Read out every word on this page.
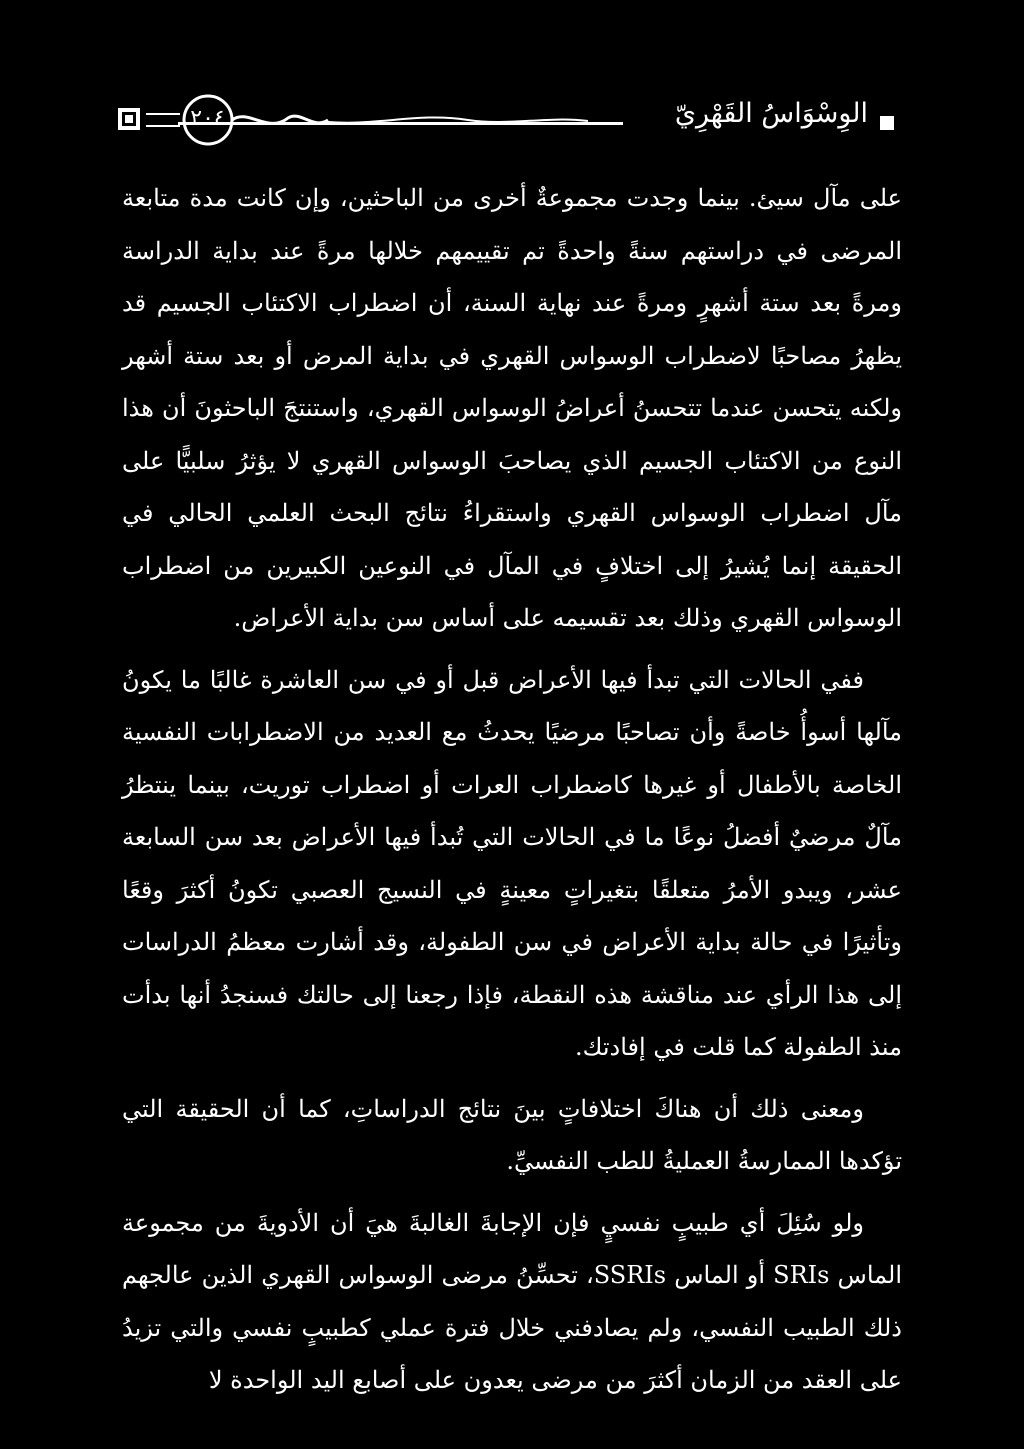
٢٠٤	الوِسْوَاسُ القَهْرِيّ

على مآل سيئ. بينما وجدت مجموعةٌ أخرى من الباحثين، وإن كانت مدة متابعة المرضى في دراستهم سنةً واحدةً تم تقييمهم خلالها مرةً عند بداية الدراسة ومرةً بعد ستة أشهرٍ ومرةً عند نهاية السنة، أن اضطراب الاكتئاب الجسيم قد يظهرُ مصاحبًا لاضطراب الوسواس القهري في بداية المرض أو بعد ستة أشهر ولكنه يتحسن عندما تتحسنُ أعراضُ الوسواس القهري، واستنتجَ الباحثونَ أن هذا النوع من الاكتئاب الجسيم الذي يصاحبَ الوسواس القهري لا يؤثرُ سلبيًّا على مآل اضطراب الوسواس القهري واستقراءُ نتائج البحث العلمي الحالي في الحقيقة إنما يُشيرُ إلى اختلافٍ في المآل في النوعين الكبيرين من اضطراب الوسواس القهري وذلك بعد تقسيمه على أساس سن بداية الأعراض.

ففي الحالات التي تبدأ فيها الأعراض قبل أو في سن العاشرة غالبًا ما يكونُ مآلها أسوأُ خاصةً وأن تصاحبًا مرضيًا يحدثُ مع العديد من الاضطرابات النفسية الخاصة بالأطفال أو غيرها كاضطراب العرات أو اضطراب توريت، بينما ينتظرُ مآلٌ مرضيٌ أفضلُ نوعًا ما في الحالات التي تُبدأ فيها الأعراض بعد سن السابعة عشر، ويبدو الأمرُ متعلقًا بتغيراتٍ معينةٍ في النسيج العصبي تكونُ أكثرَ وقعًا وتأثيرًا في حالة بداية الأعراض في سن الطفولة، وقد أشارت معظمُ الدراسات إلى هذا الرأي عند مناقشة هذه النقطة، فإذا رجعنا إلى حالتك فسنجدُ أنها بدأت منذ الطفولة كما قلت في إفادتك.

ومعنى ذلك أن هناكَ اختلافاتٍ بينَ نتائج الدراساتِ، كما أن الحقيقة التي تؤكدها الممارسةُ العمليةُ للطب النفسيِّ.

ولو سُئِلَ أي طبيبٍ نفسيٍ فإن الإجابةَ الغالبةَ هيَ أن الأدويةَ من مجموعة الماس SRIs أو الماس SSRIs، تحسِّنُ مرضى الوسواس القهري الذين عالجهم ذلك الطبيب النفسي، ولم يصادفني خلال فترة عملي كطبيبٍ نفسي والتي تزيدُ على العقد من الزمان أكثرَ من مرضى يعدون على أصابع اليد الواحدة لا
